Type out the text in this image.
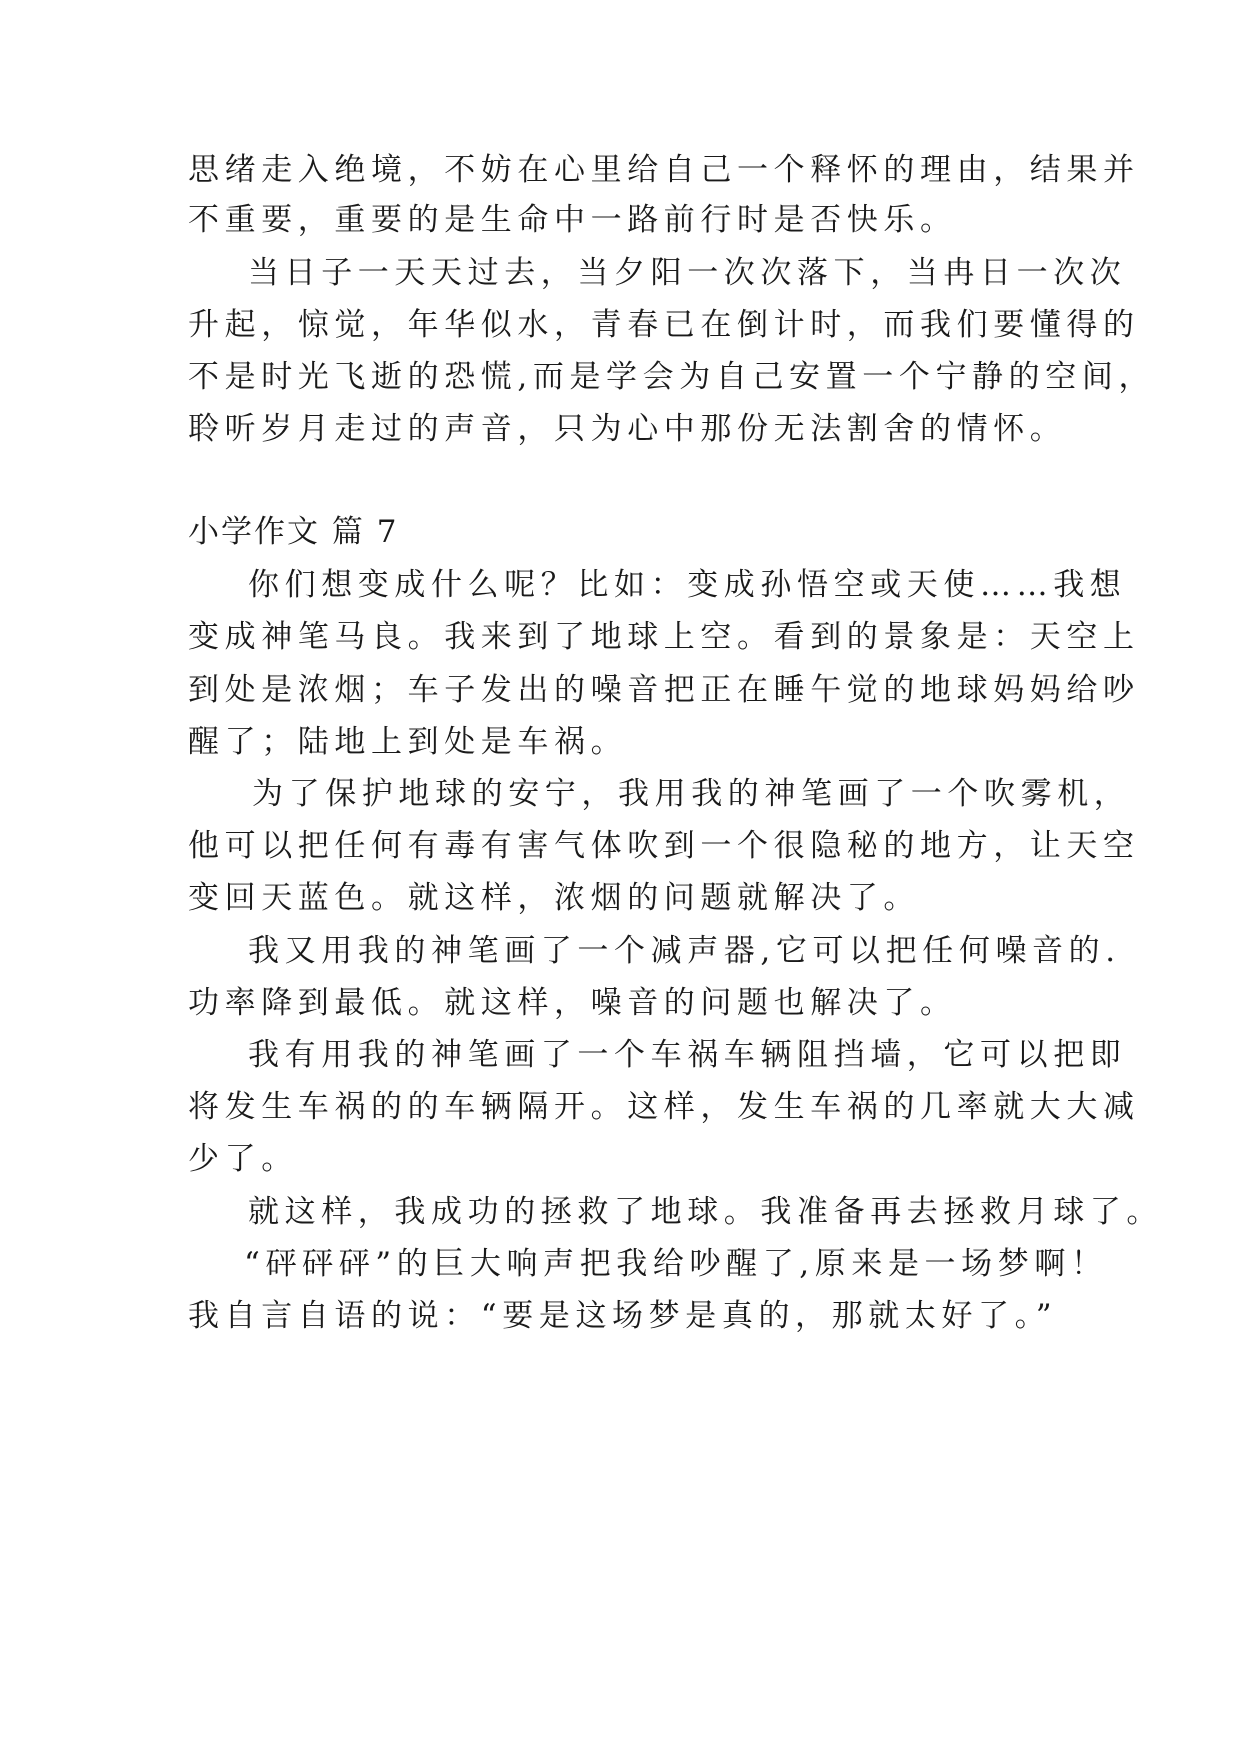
思绪走入绝境，不妨在心里给自己一个释怀的理由，结果并
不重要，重要的是生命中一路前行时是否快乐。
当日子一天天过去，当夕阳一次次落下，当冉日一次次
升起，惊觉，年华似水，青春已在倒计时，而我们要懂得的
不是时光飞逝的恐慌,而是学会为自己安置一个宁静的空间，
聆听岁月走过的声音，只为心中那份无法割舍的情怀。
小学作文 篇 7
你们想变成什么呢？比如：变成孙悟空或天使……我想
变成神笔马良。我来到了地球上空。看到的景象是：天空上
到处是浓烟；车子发出的噪音把正在睡午觉的地球妈妈给吵
醒了；陆地上到处是车祸。
为了保护地球的安宁，我用我的神笔画了一个吹雾机，
他可以把任何有毒有害气体吹到一个很隐秘的地方，让天空
变回天蓝色。就这样，浓烟的问题就解决了。
我又用我的神笔画了一个减声器,它可以把任何噪音的.
功率降到最低。就这样，噪音的问题也解决了。
我有用我的神笔画了一个车祸车辆阻挡墙，它可以把即
将发生车祸的的车辆隔开。这样，发生车祸的几率就大大减
少了。
就这样，我成功的拯救了地球。我准备再去拯救月球了。
“砰砰砰”的巨大响声把我给吵醒了,原来是一场梦啊！
我自言自语的说：“要是这场梦是真的，那就太好了。”
